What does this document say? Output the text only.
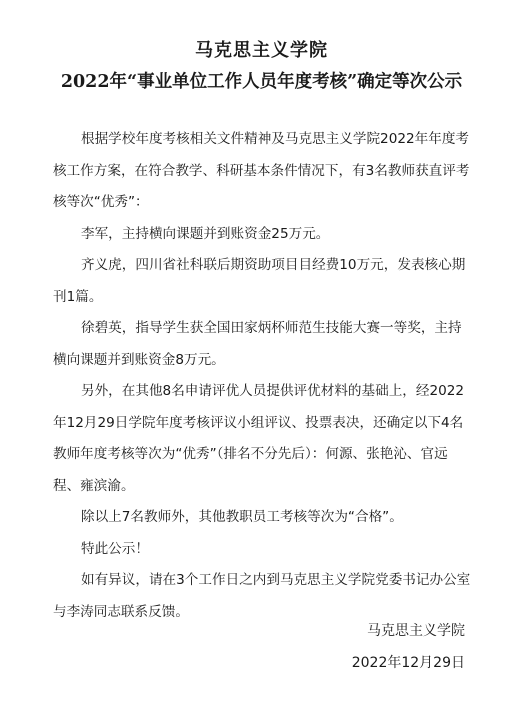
马克思主义学院
2022年“事业单位工作人员年度考核”确定等次公示

根据学校年度考核相关文件精神及马克思主义学院2022年年度考核工作方案，在符合教学、科研基本条件情况下，有3名教师获直评考核等次“优秀”：

李军，主持横向课题并到账资金25万元。

齐义虎，四川省社科联后期资助项目目经费10万元，发表核心期刊1篇。

徐碧英，指导学生获全国田家炳杯师范生技能大赛一等奖，主持横向课题并到账资金8万元。

另外，在其他8名申请评优人员提供评优材料的基础上，经2022年12月29日学院年度考核评议小组评议、投票表决，还确定以下4名教师年度考核等次为“优秀”（排名不分先后）：何源、张艳沁、官远程、雍滨渝。

除以上7名教师外，其他教职员工考核等次为“合格”。

特此公示！

如有异议，请在3个工作日之内到马克思主义学院党委书记办公室与李涛同志联系反馈。

马克思主义学院
2022年12月29日
